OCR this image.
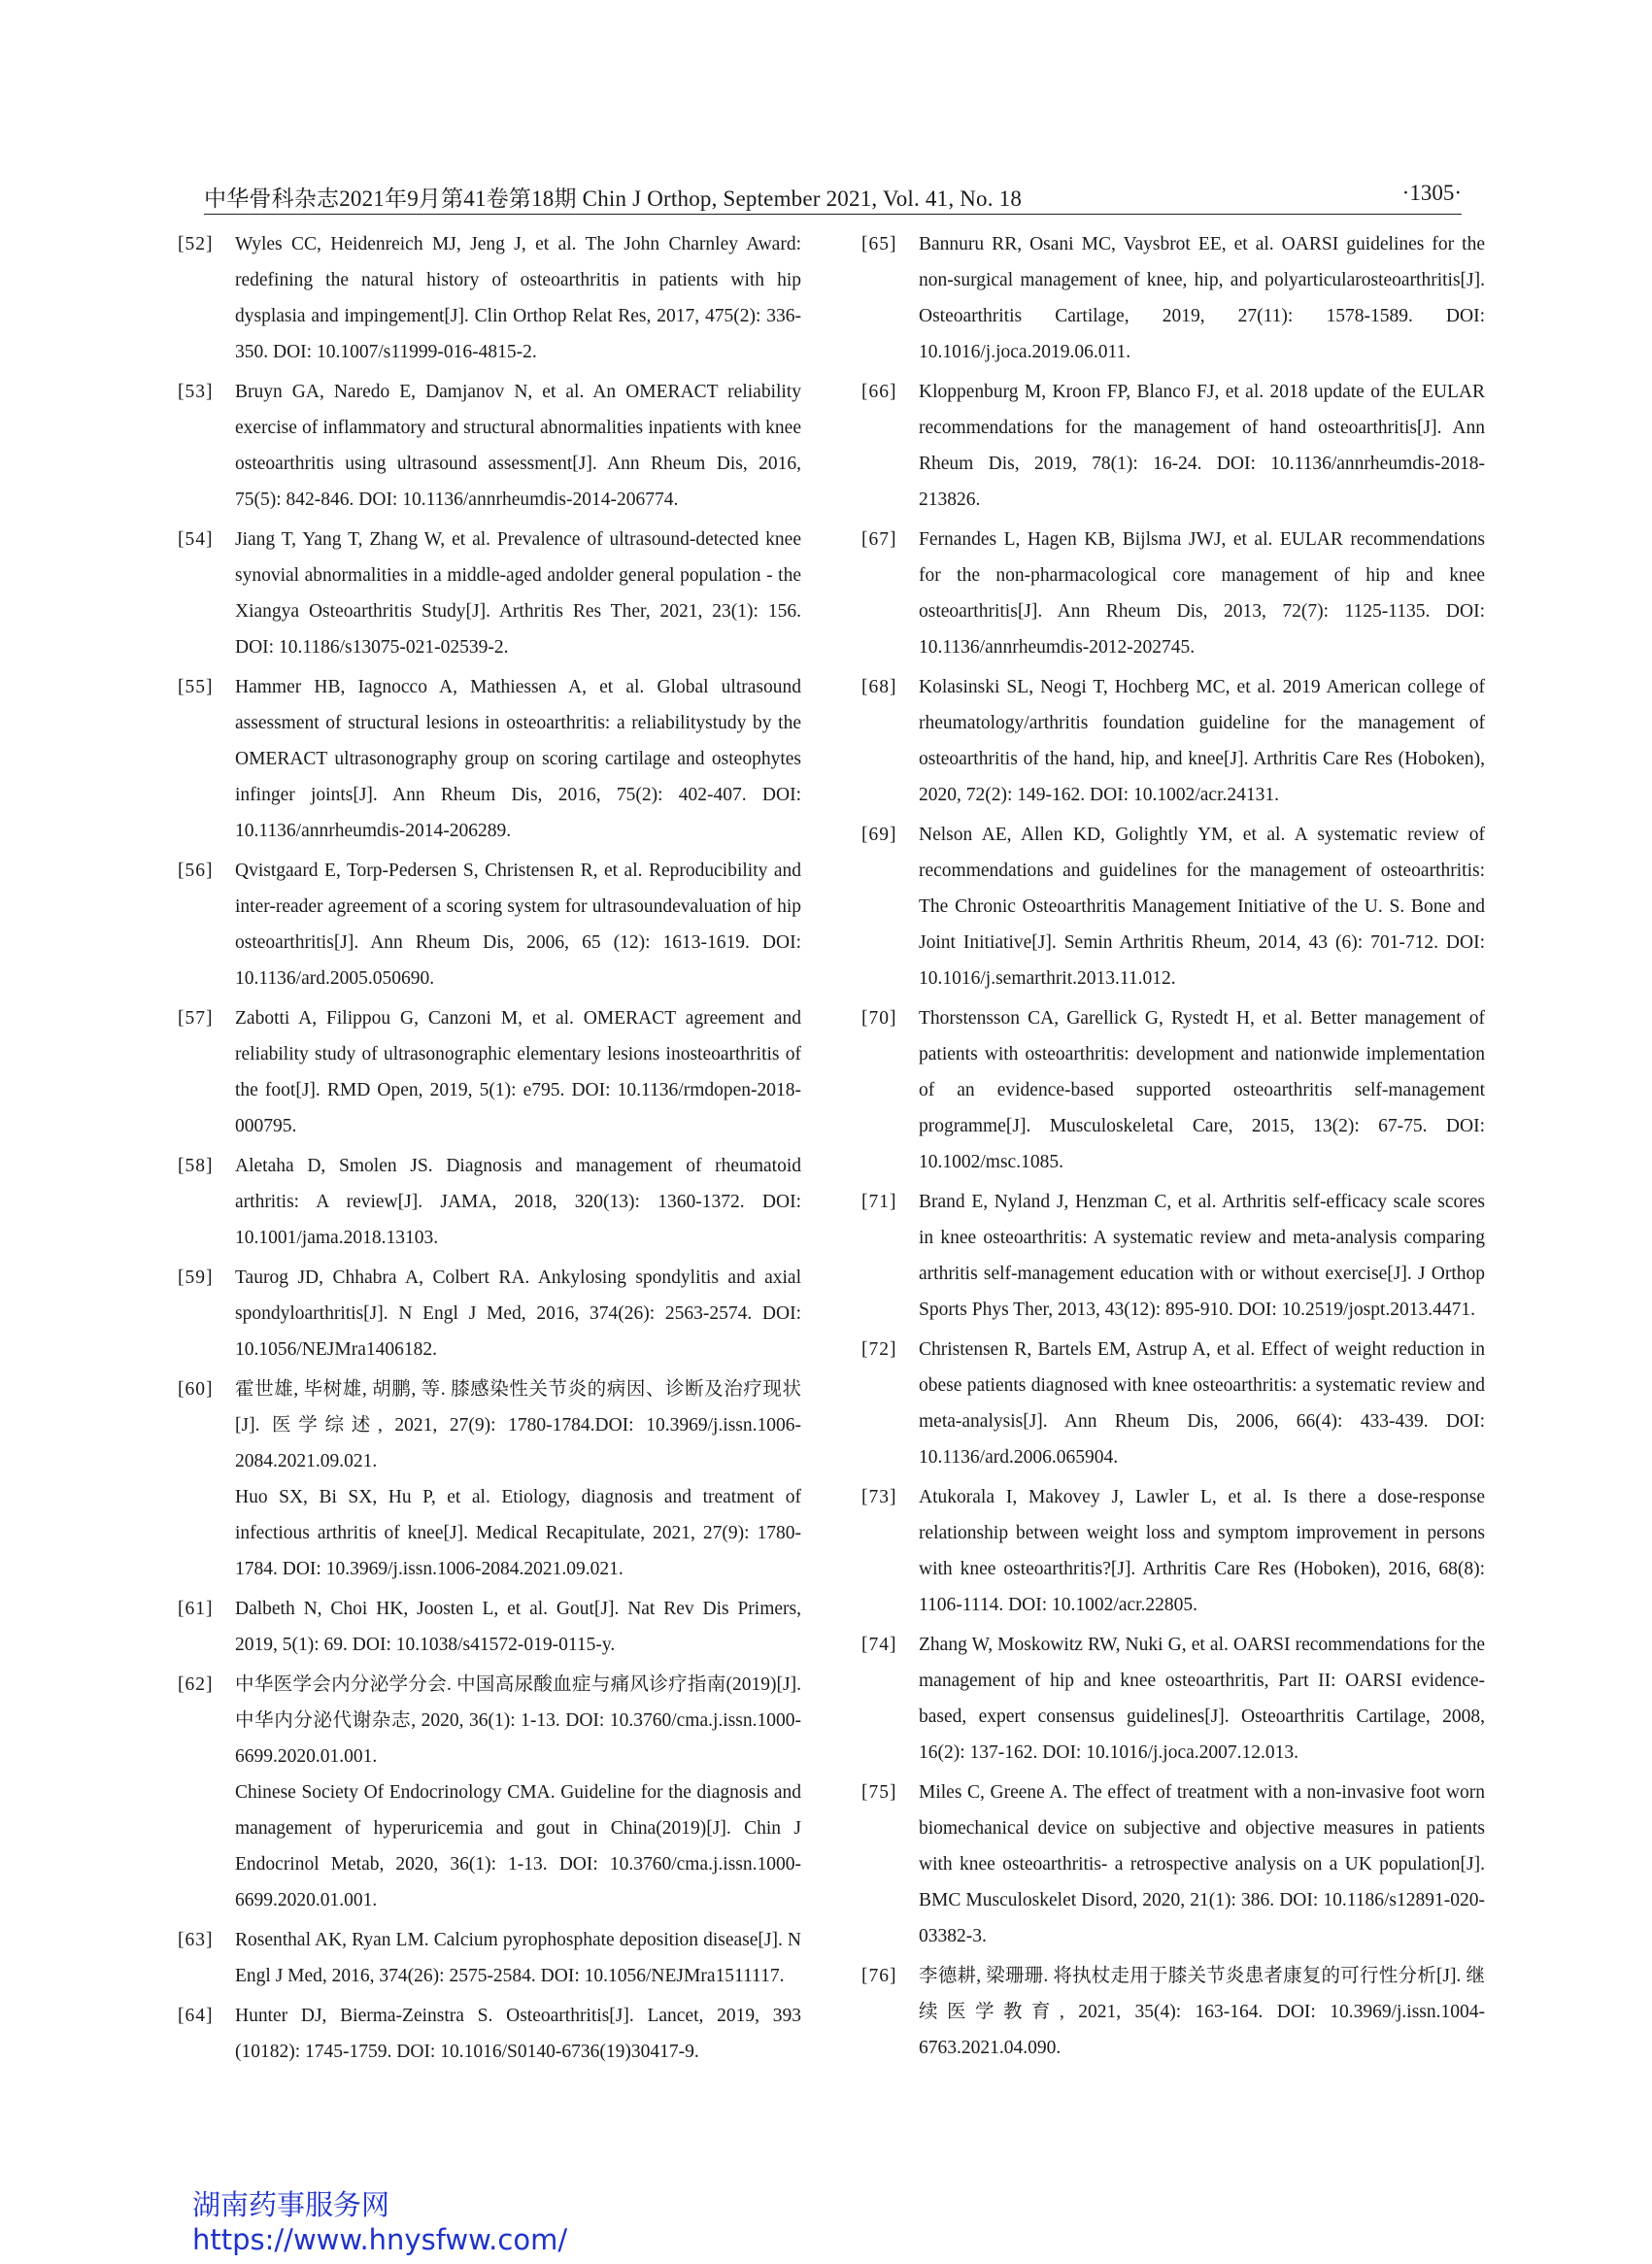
中华骨科杂志2021年9月第41卷第18期 Chin J Orthop, September 2021, Vol. 41, No. 18	·1305·
[52]	Wyles CC, Heidenreich MJ, Jeng J, et al. The John Charnley Award: redefining the natural history of osteoarthritis in patients with hip dysplasia and impingement[J]. Clin Orthop Relat Res, 2017, 475(2): 336-350. DOI: 10.1007/s11999-016-4815-2.
[53]	Bruyn GA, Naredo E, Damjanov N, et al. An OMERACT reliability exercise of inflammatory and structural abnormalities inpatients with knee osteoarthritis using ultrasound assessment[J]. Ann Rheum Dis, 2016, 75(5): 842-846. DOI: 10.1136/annrheumdis-2014-206774.
[54]	Jiang T, Yang T, Zhang W, et al. Prevalence of ultrasound-detected knee synovial abnormalities in a middle-aged andolder general population - the Xiangya Osteoarthritis Study[J]. Arthritis Res Ther, 2021, 23(1): 156. DOI: 10.1186/s13075-021-02539-2.
[55]	Hammer HB, Iagnocco A, Mathiessen A, et al. Global ultrasound assessment of structural lesions in osteoarthritis: a reliabilitystudy by the OMERACT ultrasonography group on scoring cartilage and osteophytes infinger joints[J]. Ann Rheum Dis, 2016, 75(2): 402-407. DOI: 10.1136/annrheumdis-2014-206289.
[56]	Qvistgaard E, Torp-Pedersen S, Christensen R, et al. Reproducibility and inter-reader agreement of a scoring system for ultrasoundevaluation of hip osteoarthritis[J]. Ann Rheum Dis, 2006, 65 (12): 1613-1619. DOI: 10.1136/ard.2005.050690.
[57]	Zabotti A, Filippou G, Canzoni M, et al. OMERACT agreement and reliability study of ultrasonographic elementary lesions inosteoarthritis of the foot[J]. RMD Open, 2019, 5(1): e795. DOI: 10.1136/rmdopen-2018-000795.
[58]	Aletaha D, Smolen JS. Diagnosis and management of rheumatoid arthritis: A review[J]. JAMA, 2018, 320(13): 1360-1372. DOI: 10.1001/jama.2018.13103.
[59]	Taurog JD, Chhabra A, Colbert RA. Ankylosing spondylitis and axial spondyloarthritis[J]. N Engl J Med, 2016, 374(26): 2563-2574. DOI: 10.1056/NEJMra1406182.
[60]	霍世雄, 毕树雄, 胡鹏, 等. 膝感染性关节炎的病因、诊断及治疗现状[J]. 医学综述, 2021, 27(9): 1780-1784.DOI: 10.3969/j.issn.1006-2084.2021.09.021.
Huo SX, Bi SX, Hu P, et al. Etiology, diagnosis and treatment of infectious arthritis of knee[J]. Medical Recapitulate, 2021, 27(9): 1780-1784. DOI: 10.3969/j.issn.1006-2084.2021.09.021.
[61]	Dalbeth N, Choi HK, Joosten L, et al. Gout[J]. Nat Rev Dis Primers, 2019, 5(1): 69. DOI: 10.1038/s41572-019-0115-y.
[62]	中华医学会内分泌学分会. 中国高尿酸血症与痛风诊疗指南(2019)[J]. 中华内分泌代谢杂志, 2020, 36(1): 1-13. DOI: 10.3760/cma.j.issn.1000-6699.2020.01.001.
Chinese Society Of Endocrinology CMA. Guideline for the diagnosis and management of hyperuricemia and gout in China(2019)[J]. Chin J Endocrinol Metab, 2020, 36(1): 1-13. DOI: 10.3760/cma.j.issn.1000-6699.2020.01.001.
[63]	Rosenthal AK, Ryan LM. Calcium pyrophosphate deposition disease[J]. N Engl J Med, 2016, 374(26): 2575-2584. DOI: 10.1056/NEJMra1511117.
[64]	Hunter DJ, Bierma-Zeinstra S. Osteoarthritis[J]. Lancet, 2019, 393 (10182): 1745-1759. DOI: 10.1016/S0140-6736(19)30417-9.
[65]	Bannuru RR, Osani MC, Vaysbrot EE, et al. OARSI guidelines for the non-surgical management of knee, hip, and polyarticularosteoarthritis[J]. Osteoarthritis Cartilage, 2019, 27(11): 1578-1589. DOI: 10.1016/j.joca.2019.06.011.
[66]	Kloppenburg M, Kroon FP, Blanco FJ, et al. 2018 update of the EULAR recommendations for the management of hand osteoarthritis[J]. Ann Rheum Dis, 2019, 78(1): 16-24. DOI: 10.1136/annrheumdis-2018-213826.
[67]	Fernandes L, Hagen KB, Bijlsma JWJ, et al. EULAR recommendations for the non-pharmacological core management of hip and knee osteoarthritis[J]. Ann Rheum Dis, 2013, 72(7): 1125-1135. DOI: 10.1136/annrheumdis-2012-202745.
[68]	Kolasinski SL, Neogi T, Hochberg MC, et al. 2019 American college of rheumatology/arthritis foundation guideline for the management of osteoarthritis of the hand, hip, and knee[J]. Arthritis Care Res (Hoboken), 2020, 72(2): 149-162. DOI: 10.1002/acr.24131.
[69]	Nelson AE, Allen KD, Golightly YM, et al. A systematic review of recommendations and guidelines for the management of osteoarthritis: The Chronic Osteoarthritis Management Initiative of the U. S. Bone and Joint Initiative[J]. Semin Arthritis Rheum, 2014, 43 (6): 701-712. DOI: 10.1016/j.semarthrit.2013.11.012.
[70]	Thorstensson CA, Garellick G, Rystedt H, et al. Better management of patients with osteoarthritis: development and nationwide implementation of an evidence-based supported osteoarthritis self-management programme[J]. Musculoskeletal Care, 2015, 13(2): 67-75. DOI: 10.1002/msc.1085.
[71]	Brand E, Nyland J, Henzman C, et al. Arthritis self-efficacy scale scores in knee osteoarthritis: A systematic review and meta-analysis comparing arthritis self-management education with or without exercise[J]. J Orthop Sports Phys Ther, 2013, 43(12): 895-910. DOI: 10.2519/jospt.2013.4471.
[72]	Christensen R, Bartels EM, Astrup A, et al. Effect of weight reduction in obese patients diagnosed with knee osteoarthritis: a systematic review and meta-analysis[J]. Ann Rheum Dis, 2006, 66(4): 433-439. DOI: 10.1136/ard.2006.065904.
[73]	Atukorala I, Makovey J, Lawler L, et al. Is there a dose-response relationship between weight loss and symptom improvement in persons with knee osteoarthritis?[J]. Arthritis Care Res (Hoboken), 2016, 68(8): 1106-1114. DOI: 10.1002/acr.22805.
[74]	Zhang W, Moskowitz RW, Nuki G, et al. OARSI recommendations for the management of hip and knee osteoarthritis, Part II: OARSI evidence-based, expert consensus guidelines[J]. Osteoarthritis Cartilage, 2008, 16(2): 137-162. DOI: 10.1016/j.joca.2007.12.013.
[75]	Miles C, Greene A. The effect of treatment with a non-invasive foot worn biomechanical device on subjective and objective measures in patients with knee osteoarthritis- a retrospective analysis on a UK population[J]. BMC Musculoskelet Disord, 2020, 21(1): 386. DOI: 10.1186/s12891-020-03382-3.
[76]	李德耕, 梁珊珊. 将执杖走用于膝关节炎患者康复的可行性分析[J]. 继续医学教育, 2021, 35(4): 163-164. DOI: 10.3969/j.issn.1004-6763.2021.04.090.
湖南药事服务网
https://www.hnysfww.com/
